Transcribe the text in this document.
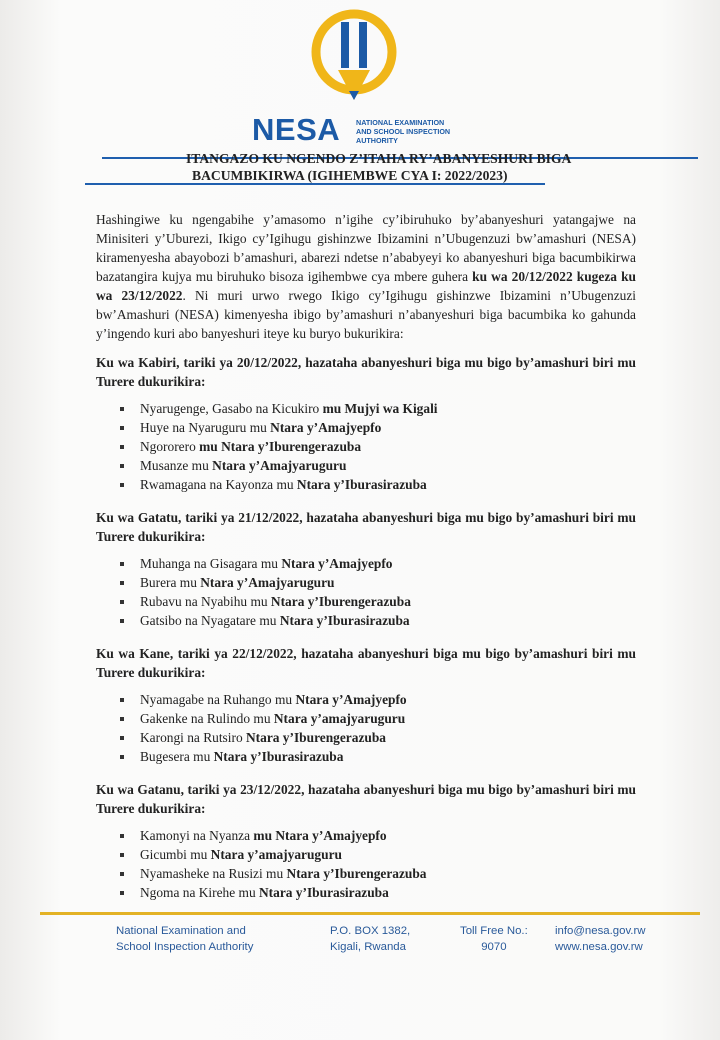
NESA NATIONAL EXAMINATION
AND SCHOOL INSPECTION
AUTHORITY
ITANGAZO KU NGENDO Z’ITAHA RY’ABANYESHURI BIGA
BACUMBIKIRWA (IGIHEMBWE CYA I: 2022/2023)

Hashingiwe ku ngengabihe y’amasomo n’igihe cy’ibiruhuko by’abanyeshuri yatangajwe na Minisiteri y’Uburezi, Ikigo cy’Igihugu gishinzwe Ibizamini n’Ubugenzuzi bw’amashuri (NESA) kiramenyesha abayobozi b’amashuri, abarezi ndetse n’ababyeyi ko abanyeshuri biga bacumbikirwa bazatangira kujya mu biruhuko bisoza igihembwe cya mbere guhera ku wa 20/12/2022 kugeza ku wa 23/12/2022. Ni muri urwo rwego Ikigo cy’Igihugu gishinzwe Ibizamini n’Ubugenzuzi bw’Amashuri (NESA) kimenyesha ibigo by’amashuri n’abanyeshuri biga bacumbika ko gahunda y’ingendo kuri abo banyeshuri iteye ku buryo bukurikira:

Ku wa Kabiri, tariki ya 20/12/2022, hazataha abanyeshuri biga mu bigo by’amashuri biri mu Turere dukurikira:

Nyarugenge, Gasabo na Kicukiro mu Mujyi wa Kigali
Huye na Nyaruguru mu Ntara y’Amajyepfo
Ngororero mu Ntara y’Iburengerazuba
Musanze mu Ntara y’Amajyaruguru
Rwamagana na Kayonza mu Ntara y’Iburasirazuba

Ku wa Gatatu, tariki ya 21/12/2022, hazataha abanyeshuri biga mu bigo by’amashuri biri mu Turere dukurikira:

Muhanga na Gisagara mu Ntara y’Amajyepfo
Burera mu Ntara y’Amajyaruguru
Rubavu na Nyabihu mu Ntara y’Iburengerazuba
Gatsibo na Nyagatare mu Ntara y’Iburasirazuba

Ku wa Kane, tariki ya 22/12/2022, hazataha abanyeshuri biga mu bigo by’amashuri biri mu Turere dukurikira:

Nyamagabe na Ruhango mu Ntara y’Amajyepfo
Gakenke na Rulindo mu Ntara y’amajyaruguru
Karongi na Rutsiro Ntara y’Iburengerazuba
Bugesera mu Ntara y’Iburasirazuba

Ku wa Gatanu, tariki ya 23/12/2022, hazataha abanyeshuri biga mu bigo by’amashuri biri mu Turere dukurikira:

Kamonyi na Nyanza mu Ntara y’Amajyepfo
Gicumbi mu Ntara y’amajyaruguru
Nyamasheke na Rusizi mu Ntara y’Iburengerazuba
Ngoma na Kirehe mu Ntara y’Iburasirazuba
National Examination and
School Inspection Authority
P.O. BOX 1382,
Kigali, Rwanda
Toll Free No.:
9070
info@nesa.gov.rw
www.nesa.gov.rw
